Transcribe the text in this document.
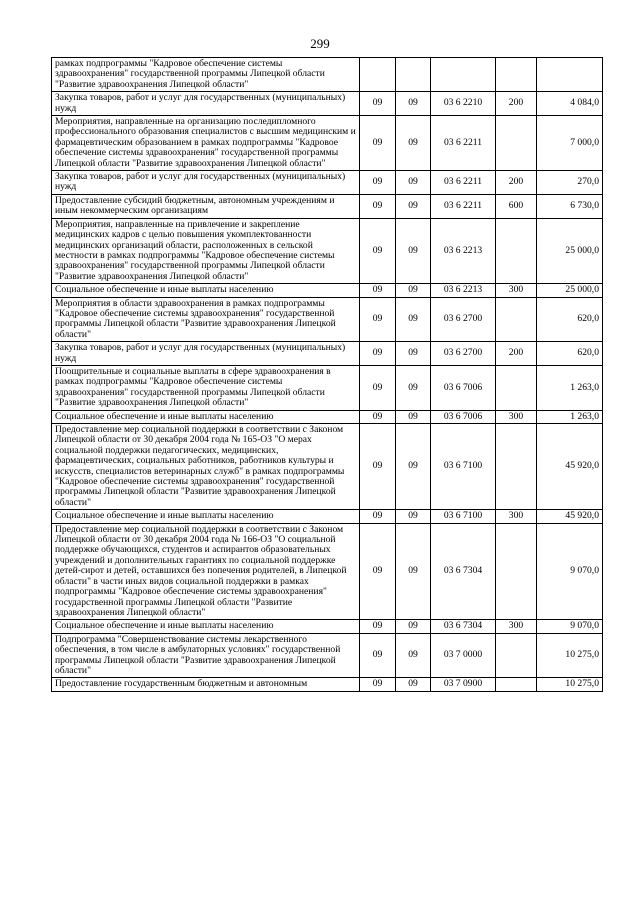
299
рамках подпрограммы "Кадровое обеспечение системы здравоохранения" государственной программы Липецкой области "Развитие здравоохранения Липецкой области"					
Закупка товаров, работ и услуг для государственных (муниципальных) нужд	09	09	03 6 2210	200	4 084,0
Мероприятия, направленные на организацию последипломного профессионального образования специалистов с высшим медицинским и фармацевтическим образованием в рамках подпрограммы "Кадровое обеспечение системы здравоохранения" государственной программы Липецкой области "Развитие здравоохранения Липецкой области"	09	09	03 6 2211		7 000,0
Закупка товаров, работ и услуг для государственных (муниципальных) нужд	09	09	03 6 2211	200	270,0
Предоставление субсидий бюджетным, автономным учреждениям и иным некоммерческим организациям	09	09	03 6 2211	600	6 730,0
Мероприятия, направленные на привлечение и закрепление медицинских кадров с целью повышения укомплектованности медицинских организаций области, расположенных в сельской местности в рамках подпрограммы "Кадровое обеспечение системы здравоохранения" государственной программы Липецкой области "Развитие здравоохранения Липецкой области"	09	09	03 6 2213		25 000,0
Социальное обеспечение и иные выплаты населению	09	09	03 6 2213	300	25 000,0
Мероприятия в области здравоохранения в рамках подпрограммы "Кадровое обеспечение системы здравоохранения" государственной программы Липецкой области "Развитие здравоохранения Липецкой области"	09	09	03 6 2700		620,0
Закупка товаров, работ и услуг для государственных (муниципальных) нужд	09	09	03 6 2700	200	620,0
Поощрительные и социальные выплаты в сфере здравоохранения в рамках подпрограммы "Кадровое обеспечение системы здравоохранения" государственной программы Липецкой области "Развитие здравоохранения Липецкой области"	09	09	03 6 7006		1 263,0
Социальное обеспечение и иные выплаты населению	09	09	03 6 7006	300	1 263,0
Предоставление мер социальной поддержки в соответствии с Законом Липецкой области от 30 декабря 2004 года № 165-ОЗ "О мерах социальной поддержки педагогических, медицинских, фармацевтических, социальных работников, работников культуры и искусств, специалистов ветеринарных служб" в рамках подпрограммы "Кадровое обеспечение системы здравоохранения" государственной программы Липецкой области "Развитие здравоохранения Липецкой области"	09	09	03 6 7100		45 920,0
Социальное обеспечение и иные выплаты населению	09	09	03 6 7100	300	45 920,0
Предоставление мер социальной поддержки в соответствии с Законом Липецкой области от 30 декабря 2004 года № 166-ОЗ "О социальной поддержке обучающихся, студентов и аспирантов образовательных учреждений и дополнительных гарантиях по социальной поддержке детей-сирот и детей, оставшихся без попечения родителей, в Липецкой области" в части иных видов социальной поддержки в рамках подпрограммы "Кадровое обеспечение системы здравоохранения" государственной программы Липецкой области "Развитие здравоохранения Липецкой области"	09	09	03 6 7304		9 070,0
Социальное обеспечение и иные выплаты населению	09	09	03 6 7304	300	9 070,0
Подпрограмма "Совершенствование системы лекарственного обеспечения, в том числе в амбулаторных условиях" государственной программы Липецкой области "Развитие здравоохранения Липецкой области"	09	09	03 7 0000		10 275,0
Предоставление государственным бюджетным и автономным	09	09	03 7 0900		10 275,0
